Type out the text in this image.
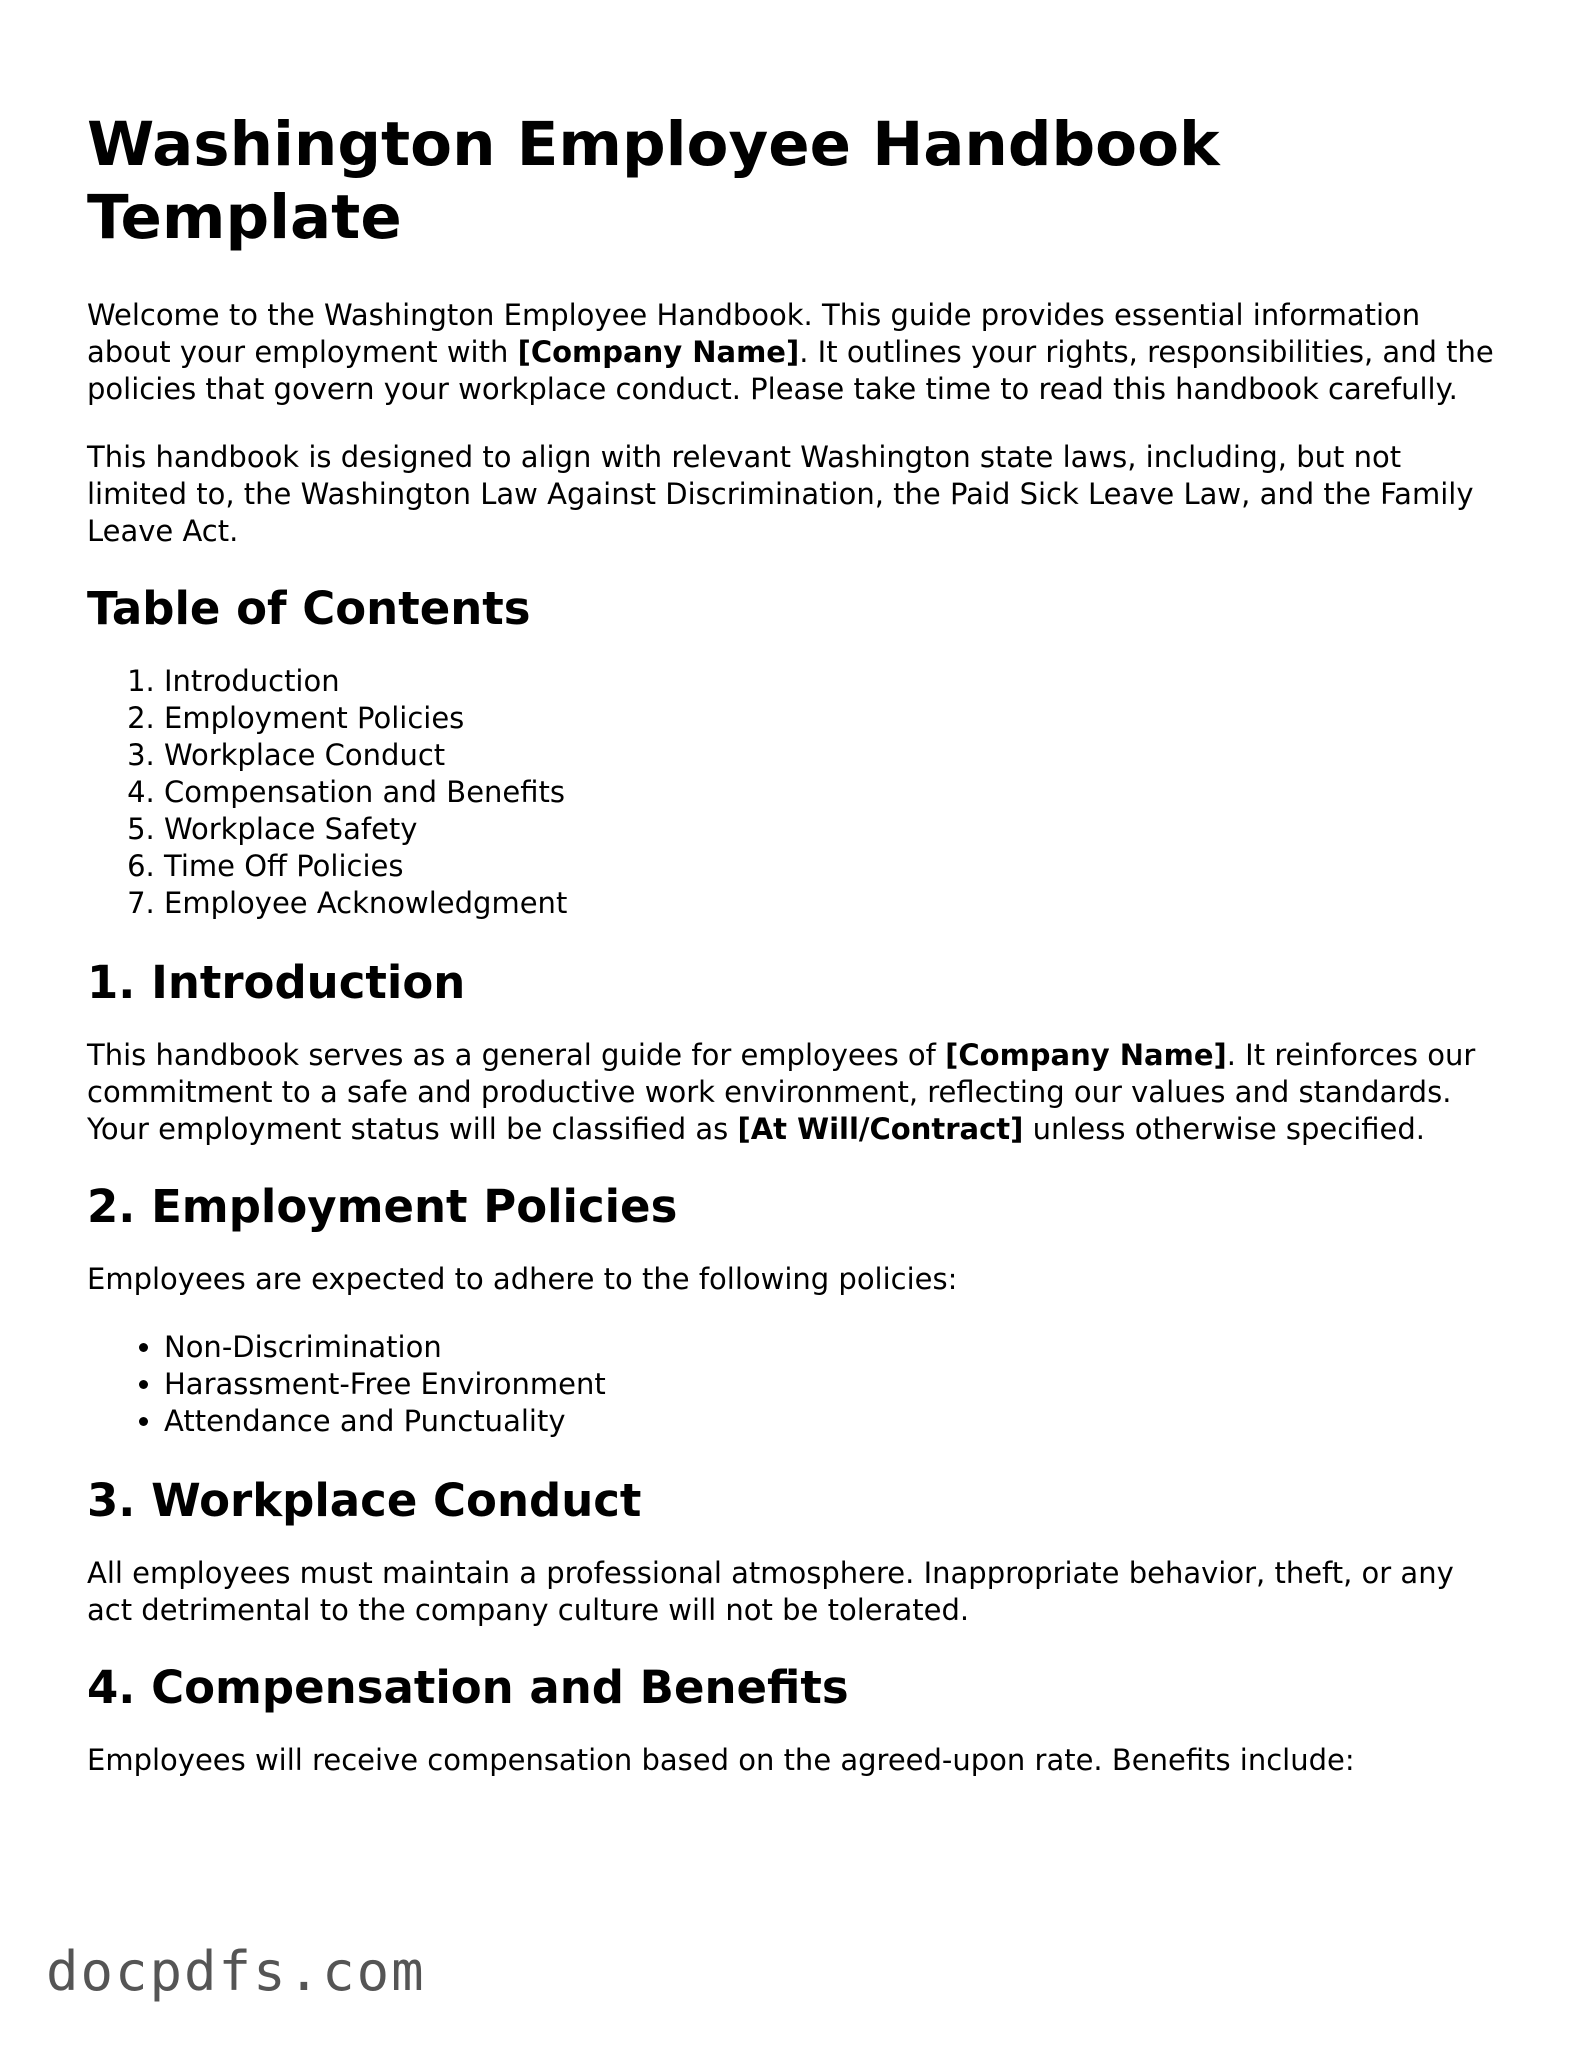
Washington Employee Handbook Template

Welcome to the Washington Employee Handbook. This guide provides essential information about your employment with [Company Name]. It outlines your rights, responsibilities, and the policies that govern your workplace conduct. Please take time to read this handbook carefully.

This handbook is designed to align with relevant Washington state laws, including, but not limited to, the Washington Law Against Discrimination, the Paid Sick Leave Law, and the Family Leave Act.

Table of Contents
1. Introduction
2. Employment Policies
3. Workplace Conduct
4. Compensation and Benefits
5. Workplace Safety
6. Time Off Policies
7. Employee Acknowledgment
1. Introduction

This handbook serves as a general guide for employees of [Company Name]. It reinforces our commitment to a safe and productive work environment, reflecting our values and standards. Your employment status will be classified as [At Will/Contract] unless otherwise specified.

2. Employment Policies

Employees are expected to adhere to the following policies:

• Non-Discrimination
• Harassment-Free Environment
• Attendance and Punctuality
3. Workplace Conduct

All employees must maintain a professional atmosphere. Inappropriate behavior, theft, or any act detrimental to the company culture will not be tolerated.

4. Compensation and Benefits

Employees will receive compensation based on the agreed-upon rate. Benefits include:

docpdfs.com
